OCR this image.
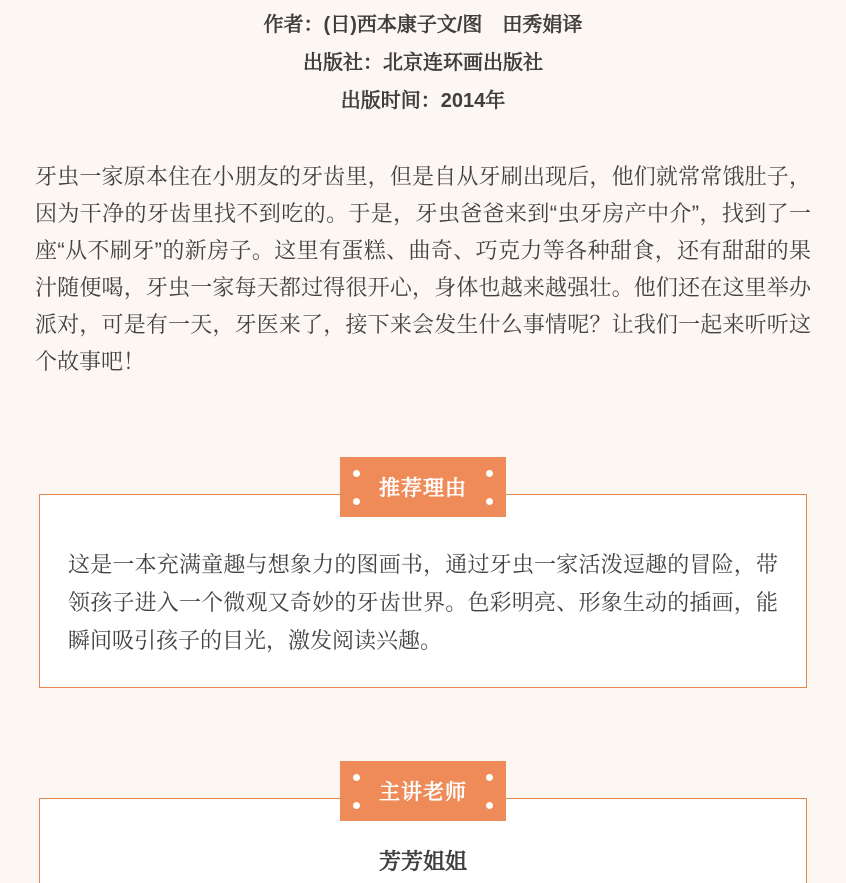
作者：(日)西本康子文/图　田秀娟译

出版社：北京连环画出版社

出版时间：2014年

牙虫一家原本住在小朋友的牙齿里，但是自从牙刷出现后，他们就常常饿肚子，因为干净的牙齿里找不到吃的。于是，牙虫爸爸来到“虫牙房产中介”，找到了一座“从不刷牙”的新房子。这里有蛋糕、曲奇、巧克力等各种甜食，还有甜甜的果汁随便喝，牙虫一家每天都过得很开心，身体也越来越强壮。他们还在这里举办派对，可是有一天，牙医来了，接下来会发生什么事情呢？让我们一起来听听这个故事吧！

推荐理由

这是一本充满童趣与想象力的图画书，通过牙虫一家活泼逗趣的冒险，带领孩子进入一个微观又奇妙的牙齿世界。色彩明亮、形象生动的插画，能瞬间吸引孩子的目光，激发阅读兴趣。

主讲老师

芳芳姐姐
